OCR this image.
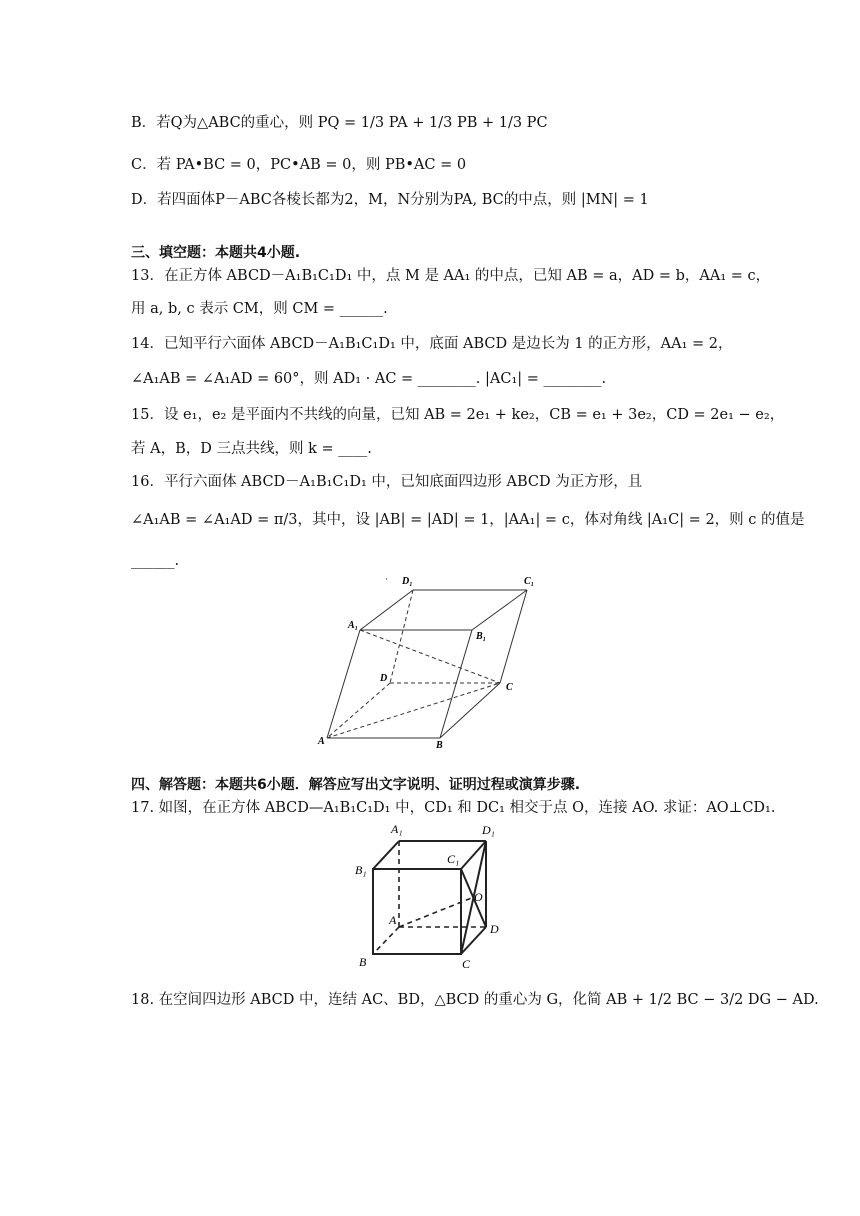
B．若Q为△ABC的重心，则 PQ = 1/3 PA + 1/3 PB + 1/3 PC
C．若 PA•BC = 0，PC•AB = 0，则 PB•AC = 0
D．若四面体P－ABC各棱长都为2，M，N分别为PA, BC的中点，则 |MN| = 1
三、填空题：本题共4小题.
13．在正方体 ABCD－A₁B₁C₁D₁ 中，点 M 是 AA₁ 的中点，已知 AB = a，AD = b，AA₁ = c，
用 a, b, c 表示 CM，则 CM = ______.
14．已知平行六面体 ABCD－A₁B₁C₁D₁ 中，底面 ABCD 是边长为 1 的正方形，AA₁ = 2，
∠A₁AB = ∠A₁AD = 60°，则 AD₁ · AC = ________. |AC₁| = ________.
15．设 e₁，e₂ 是平面内不共线的向量，已知 AB = 2e₁ + ke₂，CB = e₁ + 3e₂，CD = 2e₁ − e₂，
若 A，B，D 三点共线，则 k = ____.
16．平行六面体 ABCD－A₁B₁C₁D₁ 中，已知底面四边形 ABCD 为正方形，且
∠A₁AB = ∠A₁AD = π/3，其中，设 |AB| = |AD| = 1，|AA₁| = c，体对角线 |A₁C| = 2，则 c 的值是
______.
· D₁	C₁
A₁
B₁
D
C
A	B
四、解答题：本题共6小题．解答应写出文字说明、证明过程或演算步骤.
17. 如图，在正方体 ABCD—A₁B₁C₁D₁ 中，CD₁ 和 DC₁ 相交于点 O，连接 AO. 求证：AO⊥CD₁.
A₁	D₁
B₁
C₁
O
A
D
B	C
18. 在空间四边形 ABCD 中，连结 AC、BD，△BCD 的重心为 G，化简 AB + 1/2 BC − 3/2 DG − AD.
